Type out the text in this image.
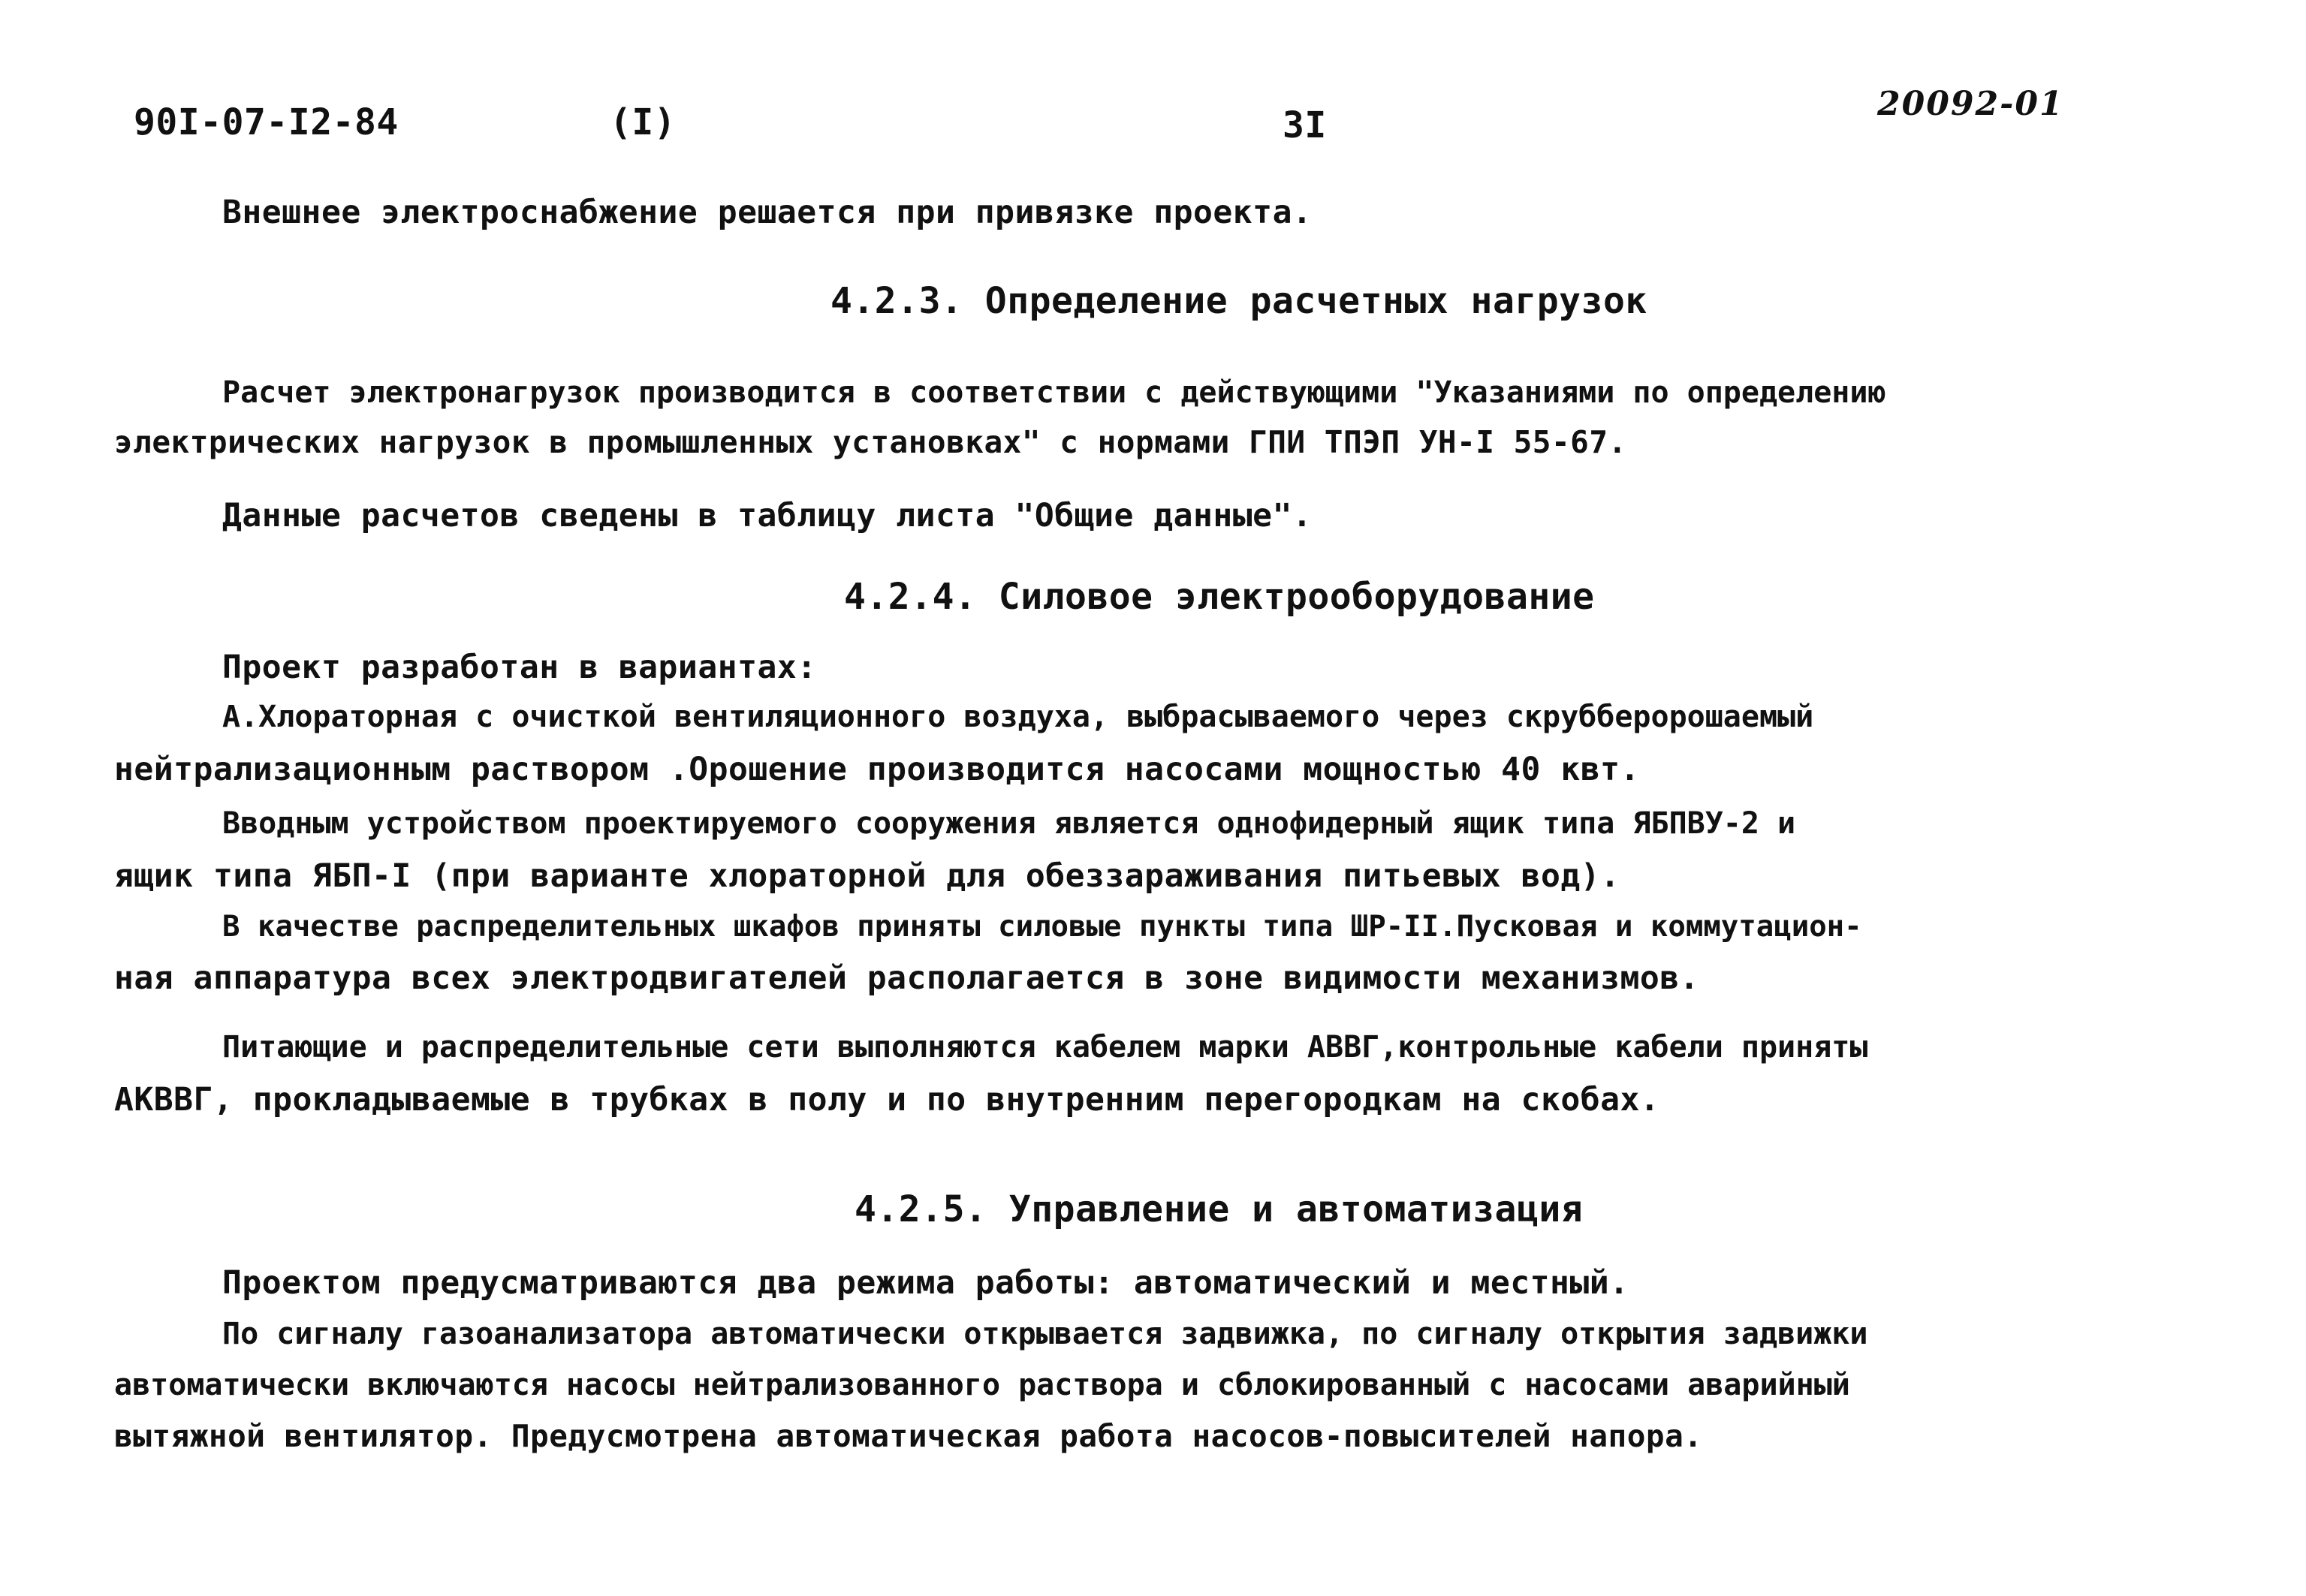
90I-07-I2-84	(I)	3I
20092-01
Внешнее электроснабжение решается при привязке проекта.
4.2.3. Определение расчетных нагрузок
Расчет электронагрузок производится в соответствии с действующими "Указаниями по определению
электрических нагрузок в промышленных установках" с нормами ГПИ ТПЭП УН-I 55-67.
Данные расчетов сведены в таблицу листа "Общие данные".
4.2.4. Силовое электрооборудование
Проект разработан в вариантах:
А.Хлораторная с очисткой вентиляционного воздуха, выбрасываемого через скрубберорошаемый
нейтрализационным раствором .Орошение производится насосами мощностью 40 квт.
Вводным устройством проектируемого сооружения является однофидерный ящик типа ЯБПВУ-2 и
ящик типа ЯБП-I (при варианте хлораторной для обеззараживания питьевых вод).
В качестве распределительных шкафов приняты силовые пункты типа ШР-II.Пусковая и коммутацион-
ная аппаратура всех электродвигателей располагается в зоне видимости механизмов.
Питающие и распределительные сети выполняются кабелем марки АВВГ,контрольные кабели приняты
АКВВГ, прокладываемые в трубках в полу и по внутренним перегородкам на скобах.
4.2.5. Управление и автоматизация
Проектом предусматриваются два режима работы: автоматический и местный.
По сигналу газоанализатора автоматически открывается задвижка, по сигналу открытия задвижки
автоматически включаются насосы нейтрализованного раствора и сблокированный с насосами аварийный
вытяжной вентилятор. Предусмотрена автоматическая работа насосов-повысителей напора.
